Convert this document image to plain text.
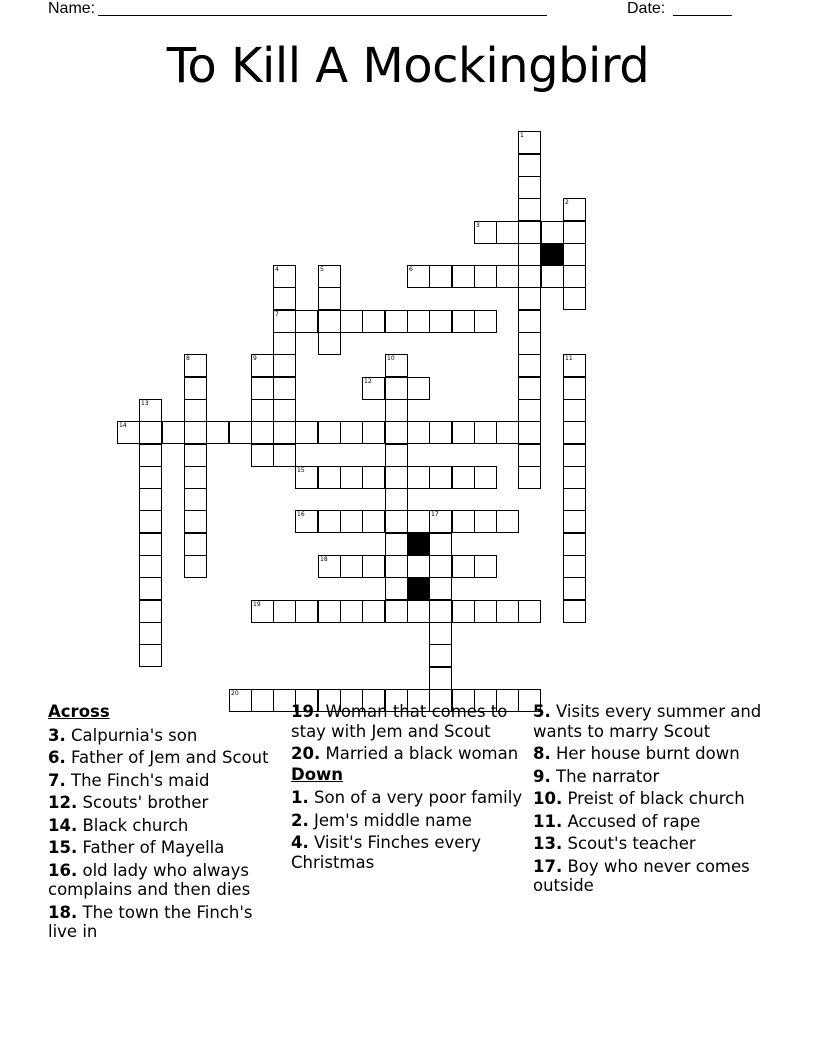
Name: ______________________________________________________	Date: _______
To Kill A Mockingbird
1
2
3
4
7
5	6
8	9	10	11
12
13
14
15
16	17
18
19
20
Across
3. Calpurnia's son
6. Father of Jem and Scout
7. The Finch's maid
12. Scouts' brother
14. Black church
15. Father of Mayella
16. old lady who always complains and then dies
18. The town the Finch's live in
19. Woman that comes to stay with Jem and Scout
20. Married a black woman
Down
1. Son of a very poor family
2. Jem's middle name
4. Visit's Finches every Christmas
5. Visits every summer and wants to marry Scout
8. Her house burnt down
9. The narrator
10. Preist of black church
11. Accused of rape
13. Scout's teacher
17. Boy who never comes outside
